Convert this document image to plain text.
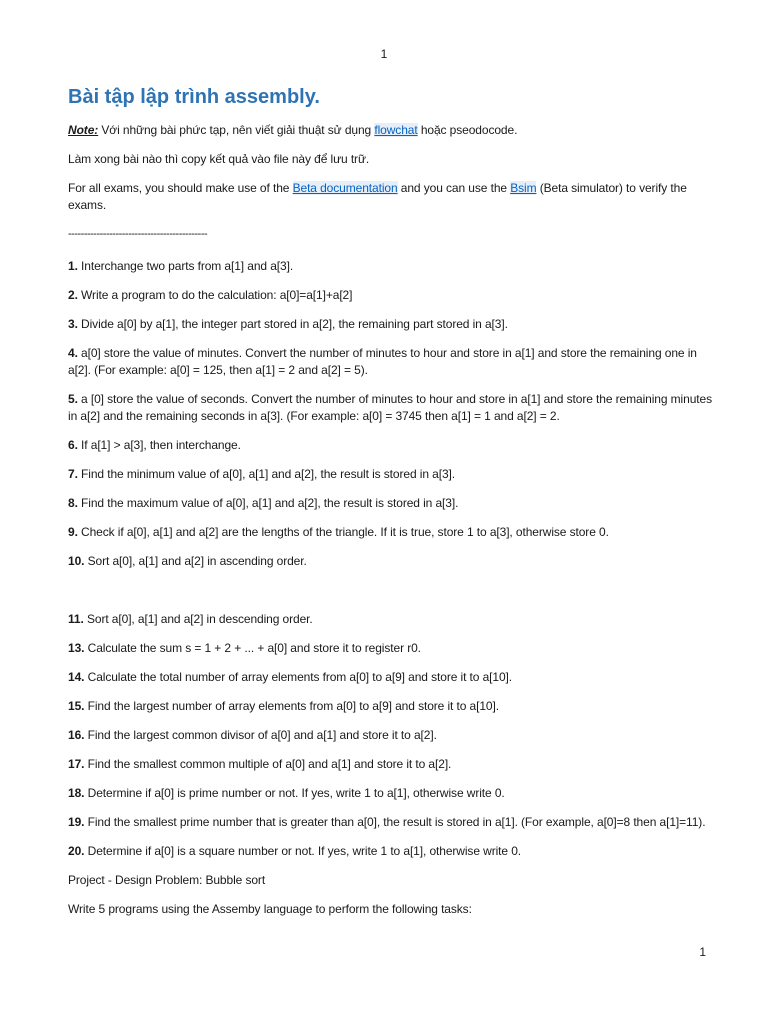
1
Bài tập lập trình assembly.

Note: Với những bài phức tạp, nên viết giải thuật sử dụng flowchat hoặc pseodocode.

Làm xong bài nào thì copy kết quả vào file này để lưu trữ.

For all exams, you should make use of the Beta documentation and you can use the Bsim (Beta simulator) to verify the exams.

--------------------------------------------

1. Interchange two parts from a[1] and a[3].

2. Write a program to do the calculation: a[0]=a[1]+a[2]

3. Divide a[0] by a[1], the integer part stored in a[2], the remaining part stored in a[3].

4. a[0] store the value of minutes. Convert the number of minutes to hour and store in a[1] and store the remaining one in a[2]. (For example: a[0] = 125, then a[1] = 2 and a[2] = 5).

5. a [0] store the value of seconds. Convert the number of minutes to hour and store in a[1] and store the remaining minutes in a[2] and the remaining seconds in a[3]. (For example: a[0] = 3745 then a[1] = 1 and a[2] = 2.

6. If a[1] > a[3], then interchange.

7. Find the minimum value of a[0], a[1] and a[2], the result is stored in a[3].

8. Find the maximum value of a[0], a[1] and a[2], the result is stored in a[3].

9. Check if a[0], a[1] and a[2] are the lengths of the triangle. If it is true, store 1 to a[3], otherwise store 0.

10. Sort a[0], a[1] and a[2] in ascending order.

11. Sort a[0], a[1] and a[2] in descending order.

13. Calculate the sum s = 1 + 2 + ... + a[0] and store it to register r0.

14. Calculate the total number of array elements from a[0] to a[9] and store it to a[10].

15. Find the largest number of array elements from a[0] to a[9] and store it to a[10].

16. Find the largest common divisor of a[0] and a[1] and store it to a[2].

17. Find the smallest common multiple of a[0] and a[1] and store it to a[2].

18. Determine if a[0] is prime number or not. If yes, write 1 to a[1], otherwise write 0.

19. Find the smallest prime number that is greater than a[0], the result is stored in a[1]. (For example, a[0]=8 then a[1]=11).

20. Determine if a[0] is a square number or not. If yes, write 1 to a[1], otherwise write 0.

Project - Design Problem: Bubble sort

Write 5 programs using the Assemby language to perform the following tasks:

1
